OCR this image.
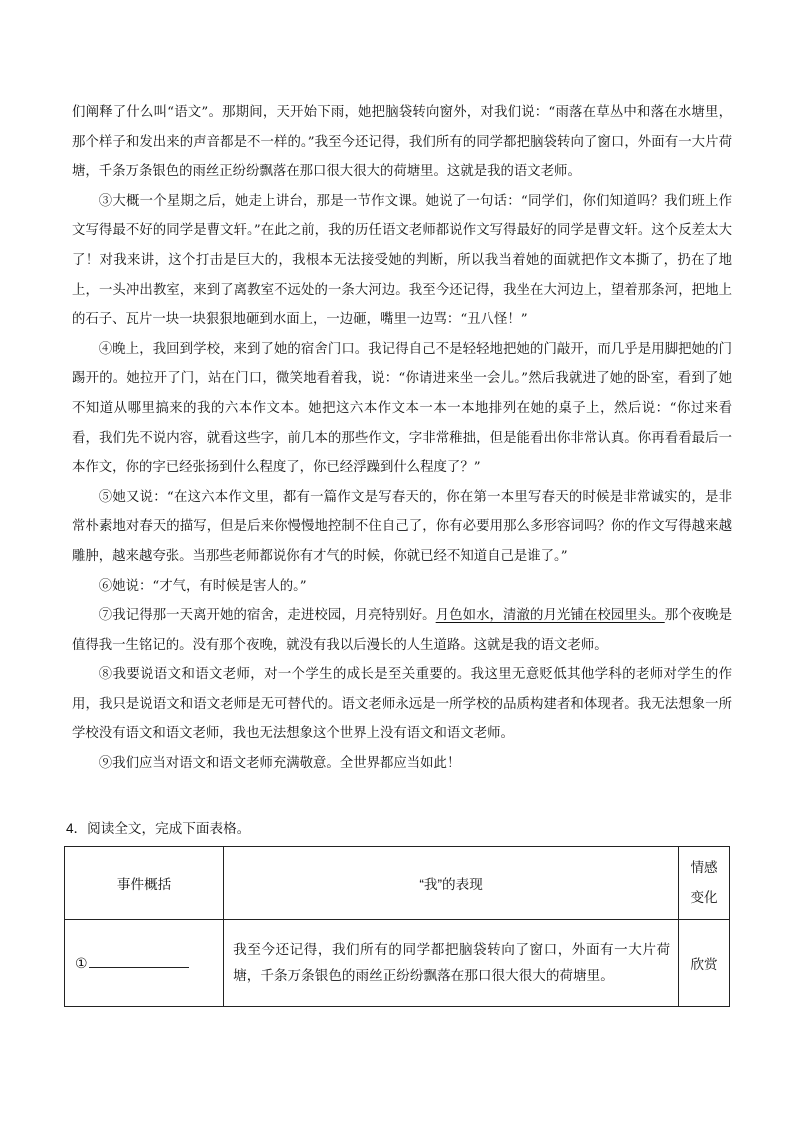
们阐释了什么叫“语文”。那期间，天开始下雨，她把脑袋转向窗外，对我们说：“雨落在草丛中和落在水塘里，那个样子和发出来的声音都是不一样的。”我至今还记得，我们所有的同学都把脑袋转向了窗口，外面有一大片荷塘，千条万条银色的雨丝正纷纷飘落在那口很大很大的荷塘里。这就是我的语文老师。

③大概一个星期之后，她走上讲台，那是一节作文课。她说了一句话：“同学们，你们知道吗？我们班上作文写得最不好的同学是曹文轩。”在此之前，我的历任语文老师都说作文写得最好的同学是曹文轩。这个反差太大了！对我来讲，这个打击是巨大的，我根本无法接受她的判断，所以我当着她的面就把作文本撕了，扔在了地上，一头冲出教室，来到了离教室不远处的一条大河边。我至今还记得，我坐在大河边上，望着那条河，把地上的石子、瓦片一块一块狠狠地砸到水面上，一边砸，嘴里一边骂：“丑八怪！”

④晚上，我回到学校，来到了她的宿舍门口。我记得自己不是轻轻地把她的门敲开，而几乎是用脚把她的门踢开的。她拉开了门，站在门口，微笑地看着我，说：“你请进来坐一会儿。”然后我就进了她的卧室，看到了她不知道从哪里搞来的我的六本作文本。她把这六本作文本一本一本地排列在她的桌子上，然后说：“你过来看看，我们先不说内容，就看这些字，前几本的那些作文，字非常稚拙，但是能看出你非常认真。你再看看最后一本作文，你的字已经张扬到什么程度了，你已经浮躁到什么程度了？”

⑤她又说：“在这六本作文里，都有一篇作文是写春天的，你在第一本里写春天的时候是非常诚实的，是非常朴素地对春天的描写，但是后来你慢慢地控制不住自己了，你有必要用那么多形容词吗？你的作文写得越来越雕肿，越来越夸张。当那些老师都说你有才气的时候，你就已经不知道自己是谁了。”

⑥她说：“才气，有时候是害人的。”

⑦我记得那一天离开她的宿舍，走进校园，月亮特别好。月色如水，清澈的月光铺在校园里头。那个夜晚是值得我一生铭记的。没有那个夜晚，就没有我以后漫长的人生道路。这就是我的语文老师。

⑧我要说语文和语文老师，对一个学生的成长是至关重要的。我这里无意贬低其他学科的老师对学生的作用，我只是说语文和语文老师是无可替代的。语文老师永远是一所学校的品质构建者和体现者。我无法想象一所学校没有语文和语文老师，我也无法想象这个世界上没有语文和语文老师。

⑨我们应当对语文和语文老师充满敬意。全世界都应当如此！

4．阅读全文，完成下面表格。
事件概括	“我”的表现	情感
变化
①	我至今还记得，我们所有的同学都把脑袋转向了窗口，外面有一大片荷塘，千条万条银色的雨丝正纷纷飘落在那口很大很大的荷塘里。	欣赏
